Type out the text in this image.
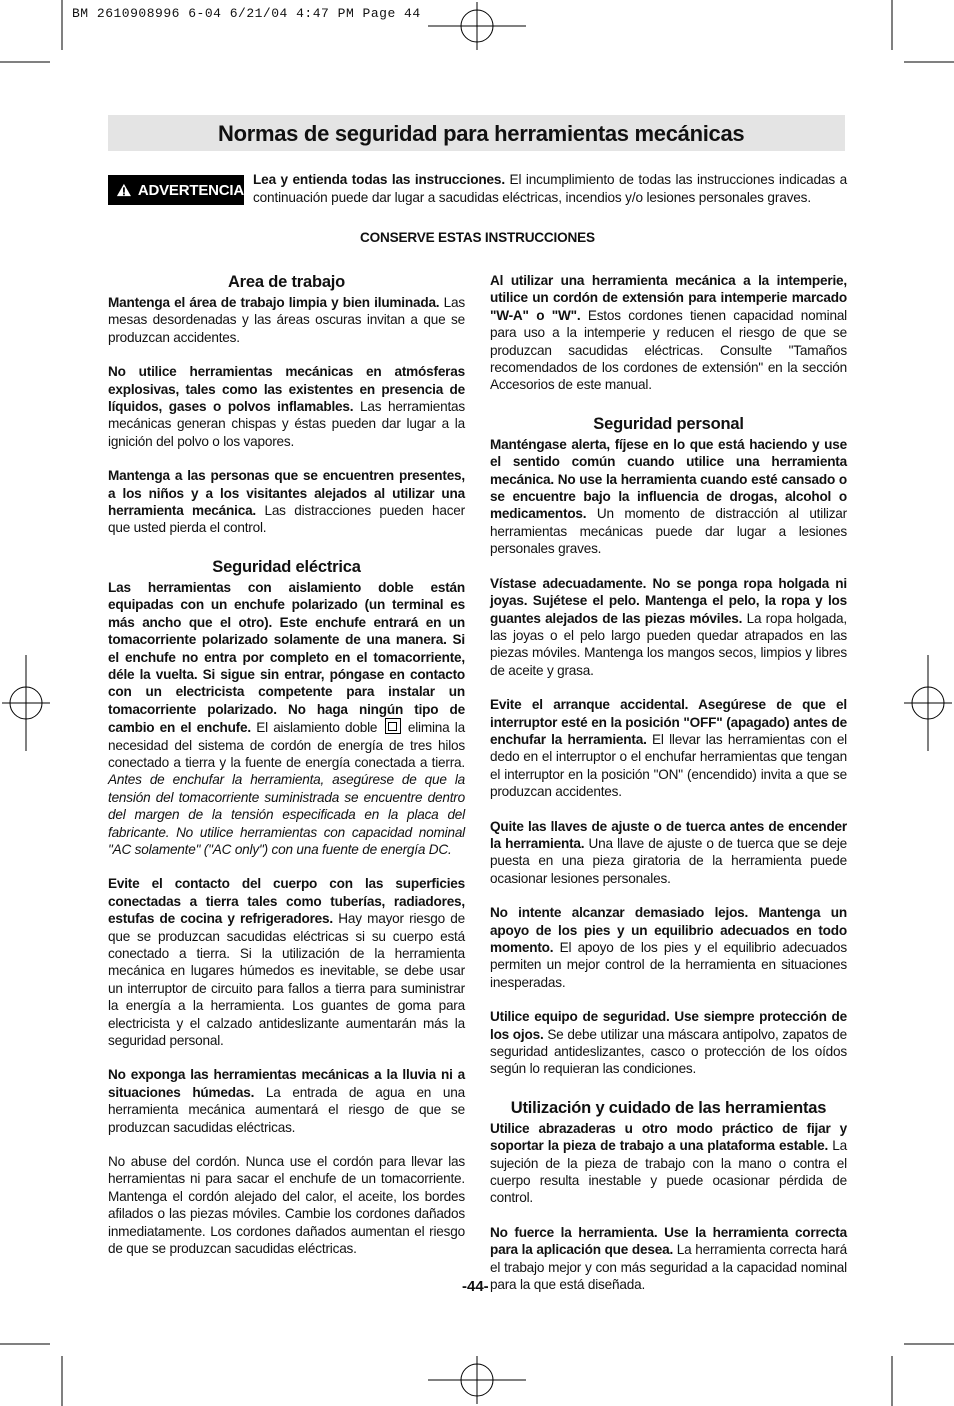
BM 2610908996 6-04 6/21/04 4:47 PM Page 44
Normas de seguridad para herramientas mecánicas
ADVERTENCIA
Lea y entienda todas las instrucciones. El incumplimiento de todas las instrucciones indicadas a continuación puede dar lugar a sacudidas eléctricas, incendios y/o lesiones personales graves.
CONSERVE ESTAS INSTRUCCIONES
Area de trabajo

Mantenga el área de trabajo limpia y bien iluminada. Las mesas desordenadas y las áreas oscuras invitan a que se produzcan accidentes.

No utilice herramientas mecánicas en atmósferas explosivas, tales como las existentes en presencia de líquidos, gases o polvos inflamables. Las herramientas mecánicas generan chispas y éstas pueden dar lugar a la ignición del polvo o los vapores.

Mantenga a las personas que se encuentren presentes, a los niños y a los visitantes alejados al utilizar una herramienta mecánica. Las distracciones pueden hacer que usted pierda el control.

Seguridad eléctrica

Las herramientas con aislamiento doble están equipadas con un enchufe polarizado (un terminal es más ancho que el otro). Este enchufe entrará en un tomacorriente polarizado solamente de una manera. Si el enchufe no entra por completo en el tomacorriente, déle la vuelta. Si sigue sin entrar, póngase en contacto con un electricista competente para instalar un tomacorriente polarizado. No haga ningún tipo de cambio en el enchufe. El aislamiento doble  elimina la necesidad del sistema de cordón de energía de tres hilos conectado a tierra y la fuente de energía conectada a tierra. Antes de enchufar la herramienta, asegúrese de que la tensión del tomacorriente suministrada se encuentre dentro del margen de la tensión especificada en la placa del fabricante. No utilice herramientas con capacidad nominal "AC solamente" ("AC only") con una fuente de energía DC.

Evite el contacto del cuerpo con las superficies conectadas a tierra tales como tuberías, radiadores, estufas de cocina y refrigeradores. Hay mayor riesgo de que se produzcan sacudidas eléctricas si su cuerpo está conectado a tierra. Si la utilización de la herramienta mecánica en lugares húmedos es inevitable, se debe usar un interruptor de circuito para fallos a tierra para suministrar la energía a la herramienta. Los guantes de goma para electricista y el calzado antideslizante aumentarán más la seguridad personal.

No exponga las herramientas mecánicas a la lluvia ni a situaciones húmedas. La entrada de agua en una herramienta mecánica aumentará el riesgo de que se produzcan sacudidas eléctricas.

No abuse del cordón. Nunca use el cordón para llevar las herramientas ni para sacar el enchufe de un tomacorriente. Mantenga el cordón alejado del calor, el aceite, los bordes afilados o las piezas móviles. Cambie los cordones dañados inmediatamente. Los cordones dañados aumentan el riesgo de que se produzcan sacudidas eléctricas.

Al utilizar una herramienta mecánica a la intemperie, utilice un cordón de extensión para intemperie marcado "W-A" o "W". Estos cordones tienen capacidad nominal para uso a la intemperie y reducen el riesgo de que se produzcan sacudidas eléctricas. Consulte "Tamaños recomendados de los cordones de extensión" en la sección Accesorios de este manual.

Seguridad personal

Manténgase alerta, fíjese en lo que está haciendo y use el sentido común cuando utilice una herramienta mecánica. No use la herramienta cuando esté cansado o se encuentre bajo la influencia de drogas, alcohol o medicamentos. Un momento de distracción al utilizar herramientas mecánicas puede dar lugar a lesiones personales graves.

Vístase adecuadamente. No se ponga ropa holgada ni joyas. Sujétese el pelo. Mantenga el pelo, la ropa y los guantes alejados de las piezas móviles. La ropa holgada, las joyas o el pelo largo pueden quedar atrapados en las piezas móviles. Mantenga los mangos secos, limpios y libres de aceite y grasa.

Evite el arranque accidental. Asegúrese de que el interruptor esté en la posición "OFF" (apagado) antes de enchufar la herramienta. El llevar las herramientas con el dedo en el interruptor o el enchufar herramientas que tengan el interruptor en la posición "ON" (encendido) invita a que se produzcan accidentes.

Quite las llaves de ajuste o de tuerca antes de encender la herramienta. Una llave de ajuste o de tuerca que se deje puesta en una pieza giratoria de la herramienta puede ocasionar lesiones personales.

No intente alcanzar demasiado lejos. Mantenga un apoyo de los pies y un equilibrio adecuados en todo momento. El apoyo de los pies y el equilibrio adecuados permiten un mejor control de la herramienta en situaciones inesperadas.

Utilice equipo de seguridad. Use siempre protección de los ojos. Se debe utilizar una máscara antipolvo, zapatos de seguridad antideslizantes, casco o protección de los oídos según lo requieran las condiciones.

Utilización y cuidado de las herramientas

Utilice abrazaderas u otro modo práctico de fijar y soportar la pieza de trabajo a una plataforma estable. La sujeción de la pieza de trabajo con la mano o contra el cuerpo resulta inestable y puede ocasionar pérdida de control.

No fuerce la herramienta. Use la herramienta correcta para la aplicación que desea. La herramienta correcta hará el trabajo mejor y con más seguridad a la capacidad nominal para la que está diseñada.

-44-
